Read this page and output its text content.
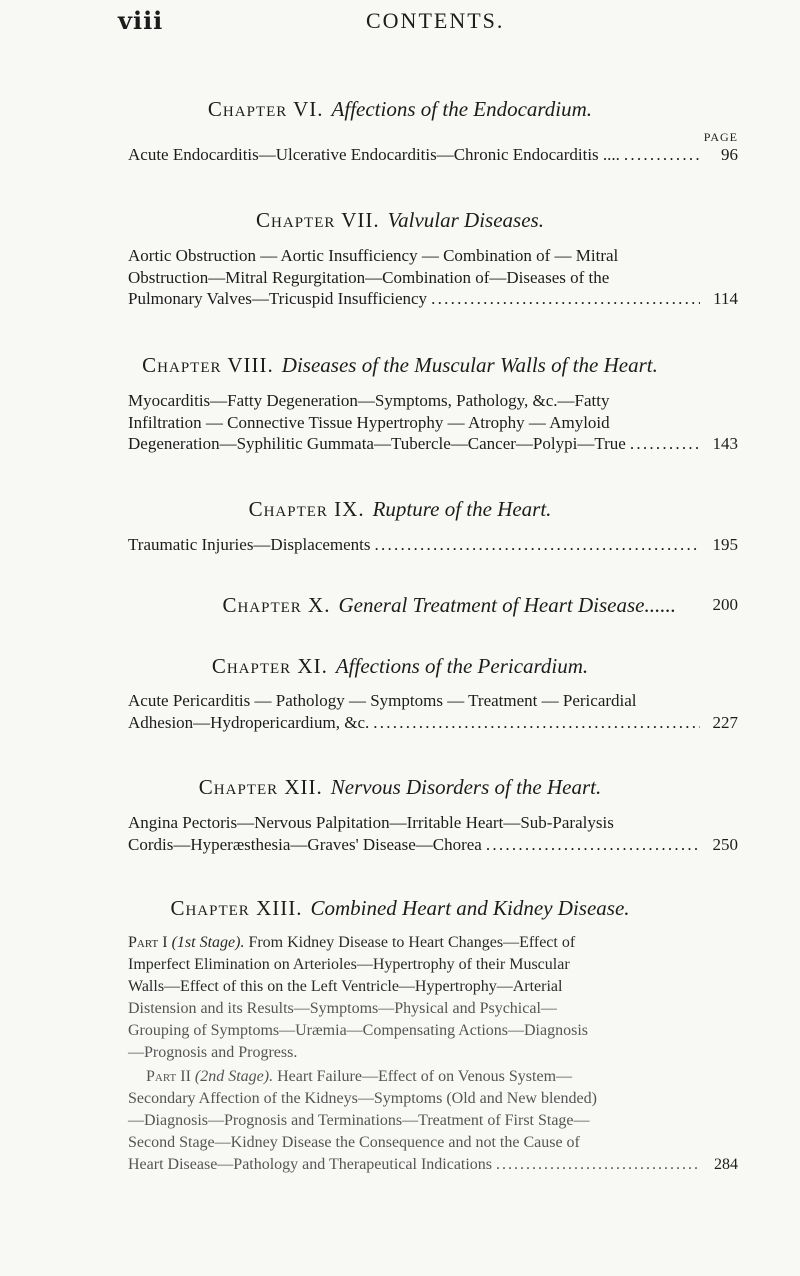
viii	CONTENTS.
Chapter VI. Affections of the Endocardium.
PAGE
Acute Endocarditis—Ulcerative Endocarditis—Chronic Endocarditis .... . . .	96
Chapter VII. Valvular Diseases.
Aortic Obstruction — Aortic Insufficiency — Combination of — Mitral
Obstruction—Mitral Regurgitation—Combination of—Diseases of the
Pulmonary Valves—Tricuspid Insufficiency . . .	114
Chapter VIII. Diseases of the Muscular Walls of the Heart.
Myocarditis—Fatty Degeneration—Symptoms, Pathology, &c.—Fatty
Infiltration — Connective Tissue Hypertrophy — Atrophy — Amyloid
Degeneration—Syphilitic Gummata—Tubercle—Cancer—Polypi—True . . .	143
Chapter IX. Rupture of the Heart.
Traumatic Injuries—Displacements . . .	195
Chapter X. General Treatment of Heart Disease......	200
Chapter XI. Affections of the Pericardium.
Acute Pericarditis — Pathology — Symptoms — Treatment — Pericardial
Adhesion—Hydropericardium, &c. . . .	227
Chapter XII. Nervous Disorders of the Heart.
Angina Pectoris—Nervous Palpitation—Irritable Heart—Sub-Paralysis
Cordis—Hyperæsthesia—Graves' Disease—Chorea . . .	250
Chapter XIII. Combined Heart and Kidney Disease.
Part I (1st Stage). From Kidney Disease to Heart Changes—Effect of
Imperfect Elimination on Arterioles—Hypertrophy of their Muscular
Walls—Effect of this on the Left Ventricle—Hypertrophy—Arterial
Distension and its Results—Symptoms—Physical and Psychical—
Grouping of Symptoms—Uræmia—Compensating Actions—Diagnosis
—Prognosis and Progress.
Part II (2nd Stage). Heart Failure—Effect of on Venous System—
Secondary Affection of the Kidneys—Symptoms (Old and New blended)
—Diagnosis—Prognosis and Terminations—Treatment of First Stage—
Second Stage—Kidney Disease the Consequence and not the Cause of
Heart Disease—Pathology and Therapeutical Indications . . .	284
